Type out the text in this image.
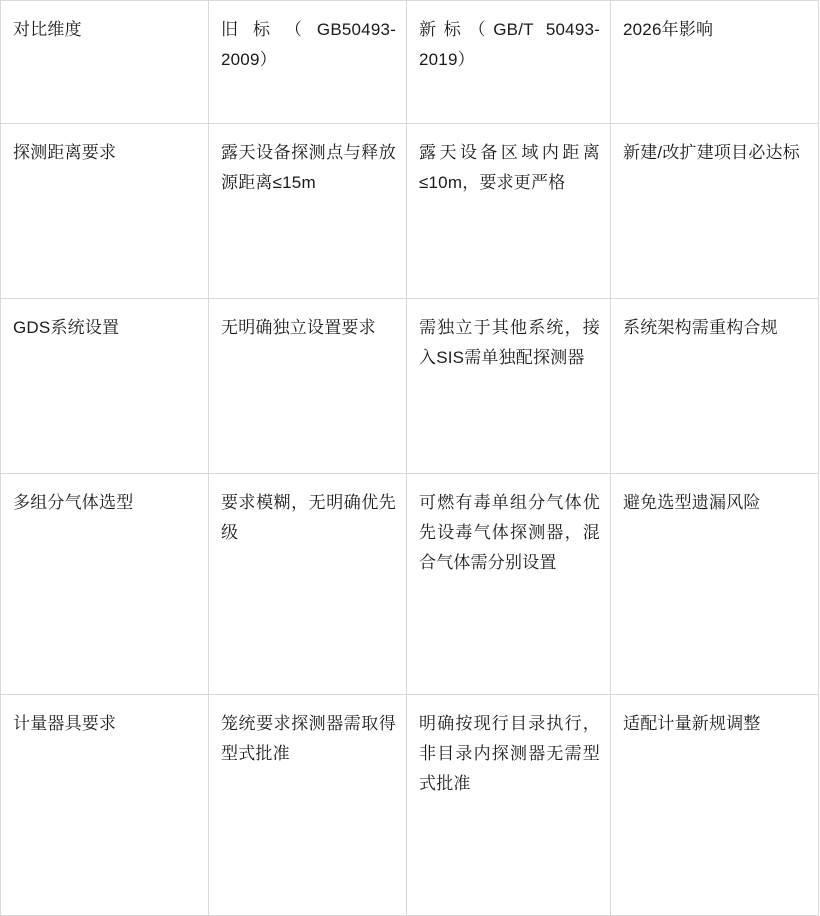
对比维度	旧标（GB50493-2009）	新标（GB/T 50493-2019）	2026年影响

探测距离要求	露天设备探测点与释放源距离≤15m	露天设备区域内距离 ≤10m，要求更严格	新建/改扩建项目必达标

GDS系统设置	无明确独立设置要求	需独立于其他系统，接入SIS需单独配探测器	系统架构需重构合规

多组分气体选型	要求模糊，无明确优先级	可燃有毒单组分气体优先设毒气体探测器，混合气体需分别设置	避免选型遗漏风险

计量器具要求	笼统要求探测器需取得型式批准	明确按现行目录执行，非目录内探测器无需型式批准	适配计量新规调整
